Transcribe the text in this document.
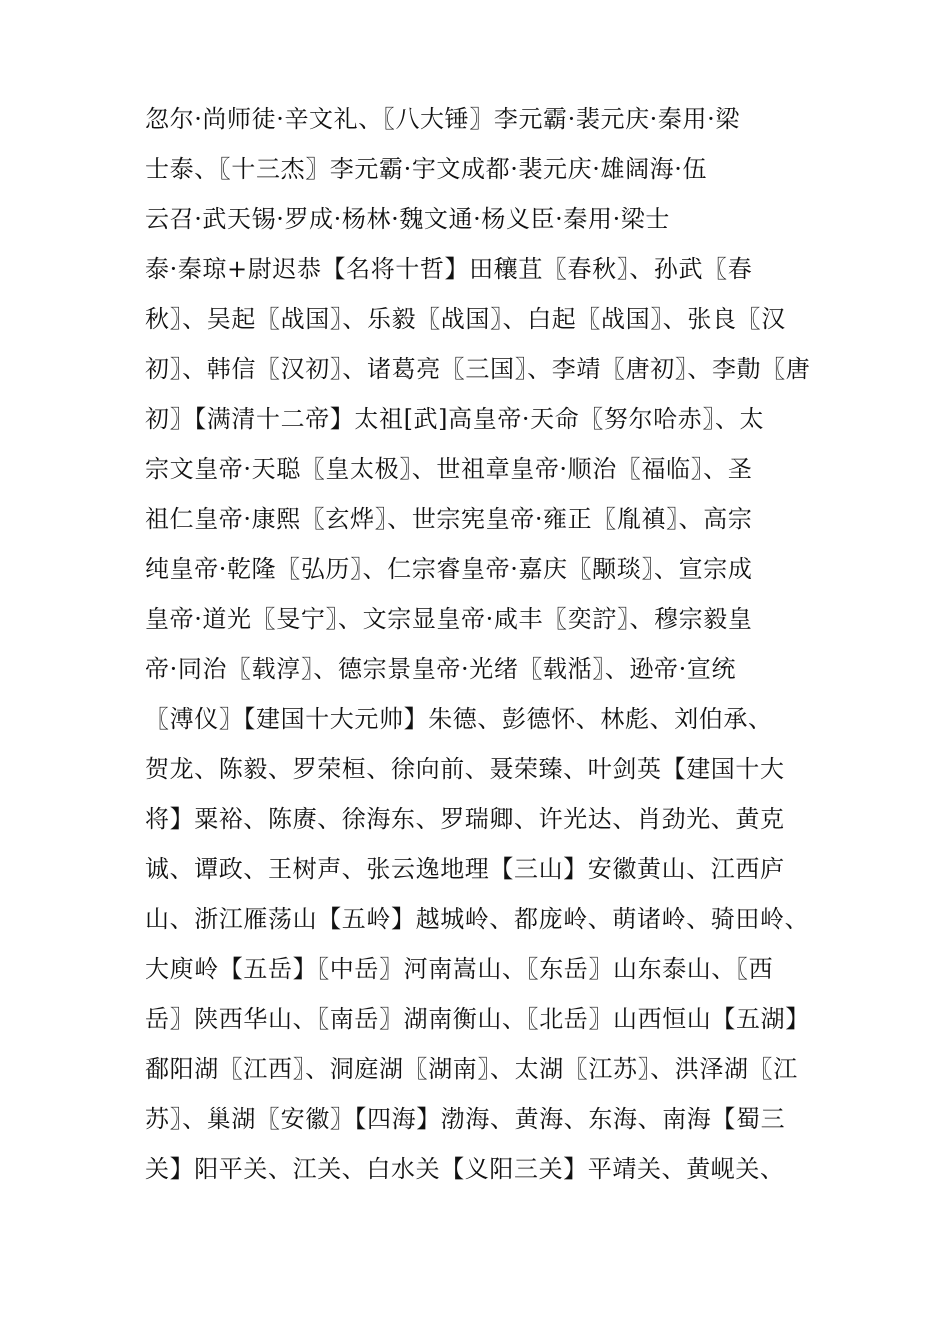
忽尔·尚师徒·辛文礼、〖八大锤〗李元霸·裴元庆·秦用·梁
士泰、〖十三杰〗李元霸·宇文成都·裴元庆·雄阔海·伍
云召·武天锡·罗成·杨林·魏文通·杨义臣·秦用·梁士
泰·秦琼+尉迟恭【名将十哲】田穰苴〖春秋〗、孙武〖春
秋〗、吴起〖战国〗、乐毅〖战国〗、白起〖战国〗、张良〖汉
初〗、韩信〖汉初〗、诸葛亮〖三国〗、李靖〖唐初〗、李勣〖唐
初〗【满清十二帝】太祖[武]高皇帝·天命〖努尔哈赤〗、太
宗文皇帝·天聪〖皇太极〗、世祖章皇帝·顺治〖福临〗、圣
祖仁皇帝·康熙〖玄烨〗、世宗宪皇帝·雍正〖胤禛〗、高宗
纯皇帝·乾隆〖弘历〗、仁宗睿皇帝·嘉庆〖颙琰〗、宣宗成
皇帝·道光〖旻宁〗、文宗显皇帝·咸丰〖奕詝〗、穆宗毅皇
帝·同治〖载淳〗、德宗景皇帝·光绪〖载湉〗、逊帝·宣统
〖溥仪〗【建国十大元帅】朱德、彭德怀、林彪、刘伯承、
贺龙、陈毅、罗荣桓、徐向前、聂荣臻、叶剑英【建国十大
将】粟裕、陈赓、徐海东、罗瑞卿、许光达、肖劲光、黄克
诚、谭政、王树声、张云逸地理【三山】安徽黄山、江西庐
山、浙江雁荡山【五岭】越城岭、都庞岭、萌诸岭、骑田岭、
大庾岭【五岳】〖中岳〗河南嵩山、〖东岳〗山东泰山、〖西
岳〗陕西华山、〖南岳〗湖南衡山、〖北岳〗山西恒山【五湖】
鄱阳湖〖江西〗、洞庭湖〖湖南〗、太湖〖江苏〗、洪泽湖〖江
苏〗、巢湖〖安徽〗【四海】渤海、黄海、东海、南海【蜀三
关】阳平关、江关、白水关【义阳三关】平靖关、黄岘关、
